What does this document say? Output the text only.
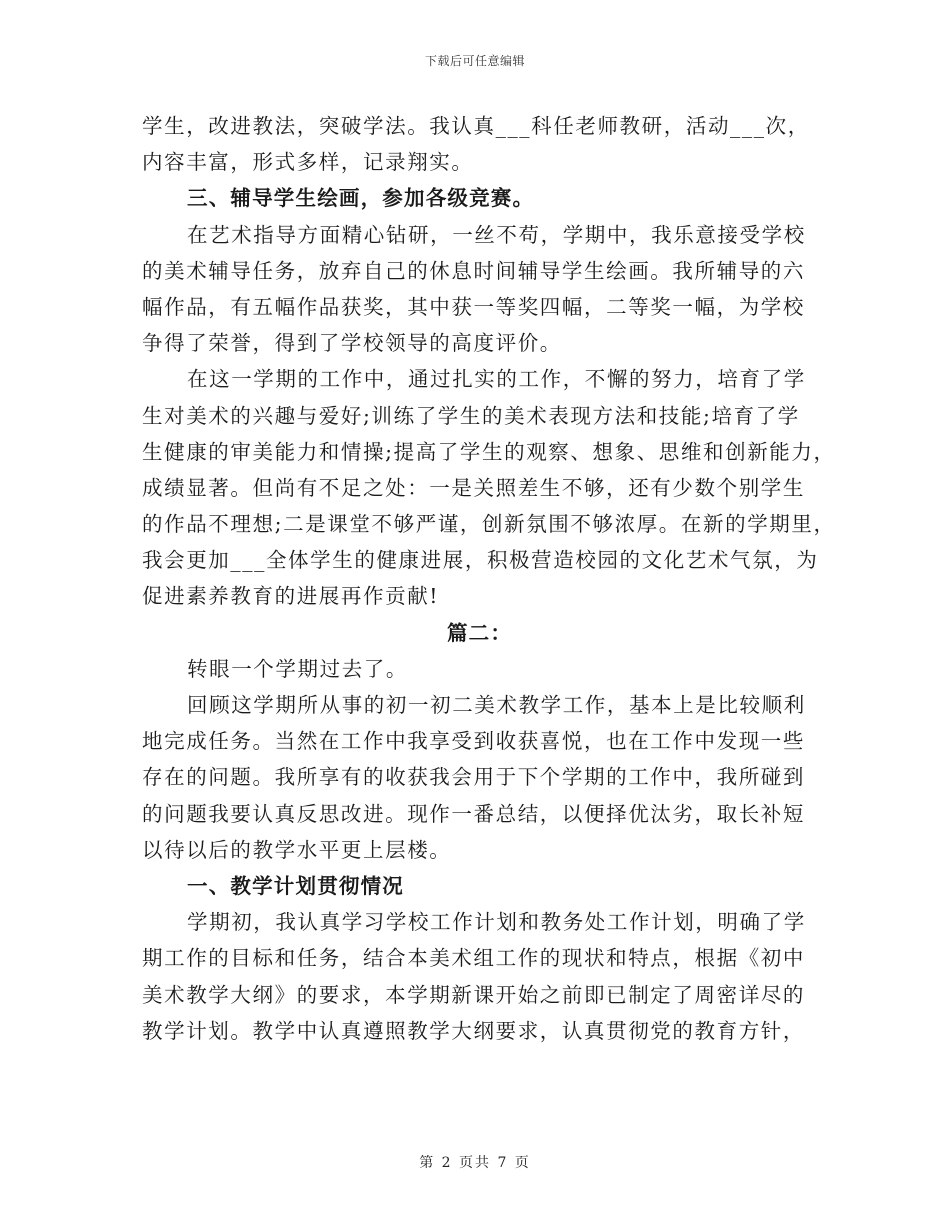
下载后可任意编辑
学生，改进教法，突破学法。我认真___科任老师教研，活动___次，
内容丰富，形式多样，记录翔实。
三、辅导学生绘画，参加各级竞赛。
在艺术指导方面精心钻研，一丝不苟，学期中，我乐意接受学校
的美术辅导任务，放弃自己的休息时间辅导学生绘画。我所辅导的六
幅作品，有五幅作品获奖，其中获一等奖四幅，二等奖一幅，为学校
争得了荣誉，得到了学校领导的高度评价。
在这一学期的工作中，通过扎实的工作，不懈的努力，培育了学
生对美术的兴趣与爱好;训练了学生的美术表现方法和技能;培育了学
生健康的审美能力和情操;提高了学生的观察、想象、思维和创新能力，
成绩显著。但尚有不足之处：一是关照差生不够，还有少数个别学生
的作品不理想;二是课堂不够严谨，创新氛围不够浓厚。在新的学期里，
我会更加___全体学生的健康进展，积极营造校园的文化艺术气氛，为
促进素养教育的进展再作贡献!
篇二：
转眼一个学期过去了。
回顾这学期所从事的初一初二美术教学工作，基本上是比较顺利
地完成任务。当然在工作中我享受到收获喜悦，也在工作中发现一些
存在的问题。我所享有的收获我会用于下个学期的工作中，我所碰到
的问题我要认真反思改进。现作一番总结，以便择优汰劣，取长补短
以待以后的教学水平更上层楼。
一、教学计划贯彻情况
学期初，我认真学习学校工作计划和教务处工作计划，明确了学
期工作的目标和任务，结合本美术组工作的现状和特点，根据《初中
美术教学大纲》的要求，本学期新课开始之前即已制定了周密详尽的
教学计划。教学中认真遵照教学大纲要求，认真贯彻党的教育方针，
第 2 页共 7 页
